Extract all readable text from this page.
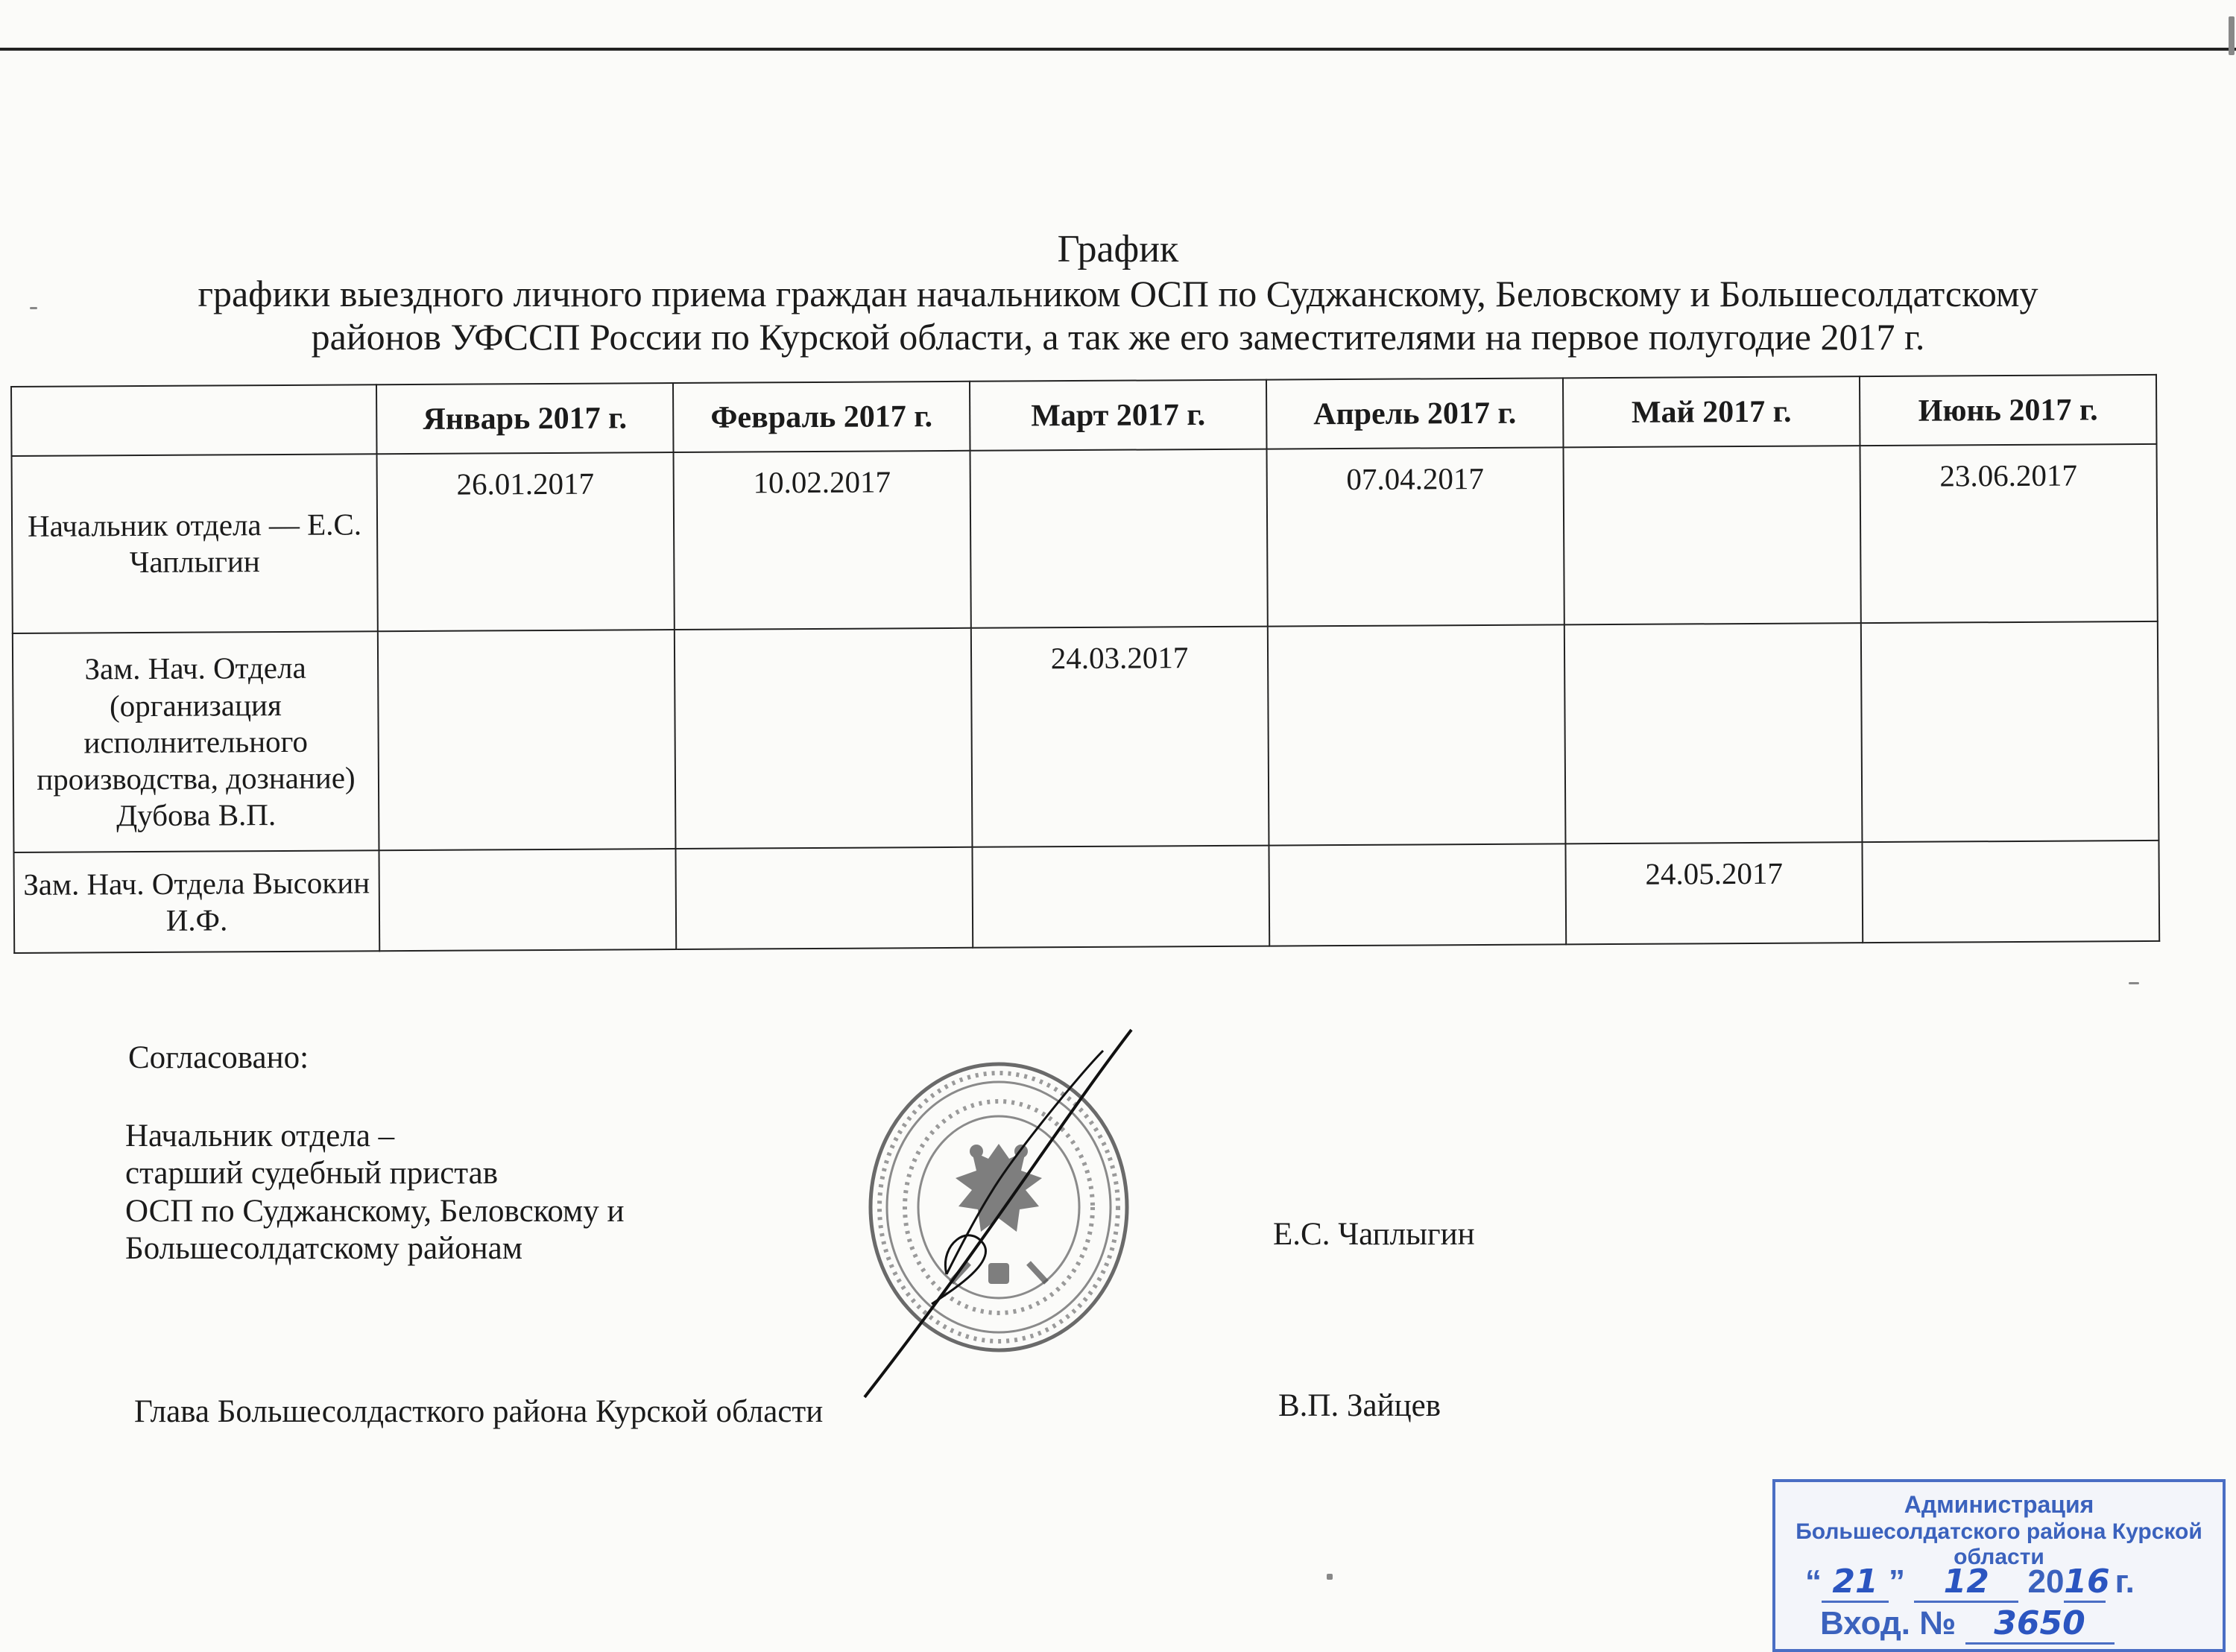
График
графики выездного личного приема граждан начальником ОСП по Суджанскому, Беловскому и Большесолдатскому
районов УФССП России по Курской области, а так же его заместителями на первое полугодие 2017 г.
	Январь 2017 г.	Февраль 2017 г.	Март 2017 г.	Апрель 2017 г.	Май 2017 г.	Июнь 2017 г.
Начальник отдела — Е.С. Чаплыгин	26.01.2017	10.02.2017		07.04.2017		23.06.2017
Зам. Нач. Отдела (организация исполнительного производства, дознание) Дубова В.П.			24.03.2017			
Зам. Нач. Отдела Высокин И.Ф.					24.05.2017	
Согласовано:
Начальник отдела –
старший судебный пристав
ОСП по Суджанскому, Беловскому и
Большесолдатскому районам	Е.С. Чаплыгин
Глава Большесолдасткого района Курской области	В.П. Зайцев
Администрация
Большесолдатского района Курской области
“ 21 ” 12 2016 г.
Вход. № 3650
